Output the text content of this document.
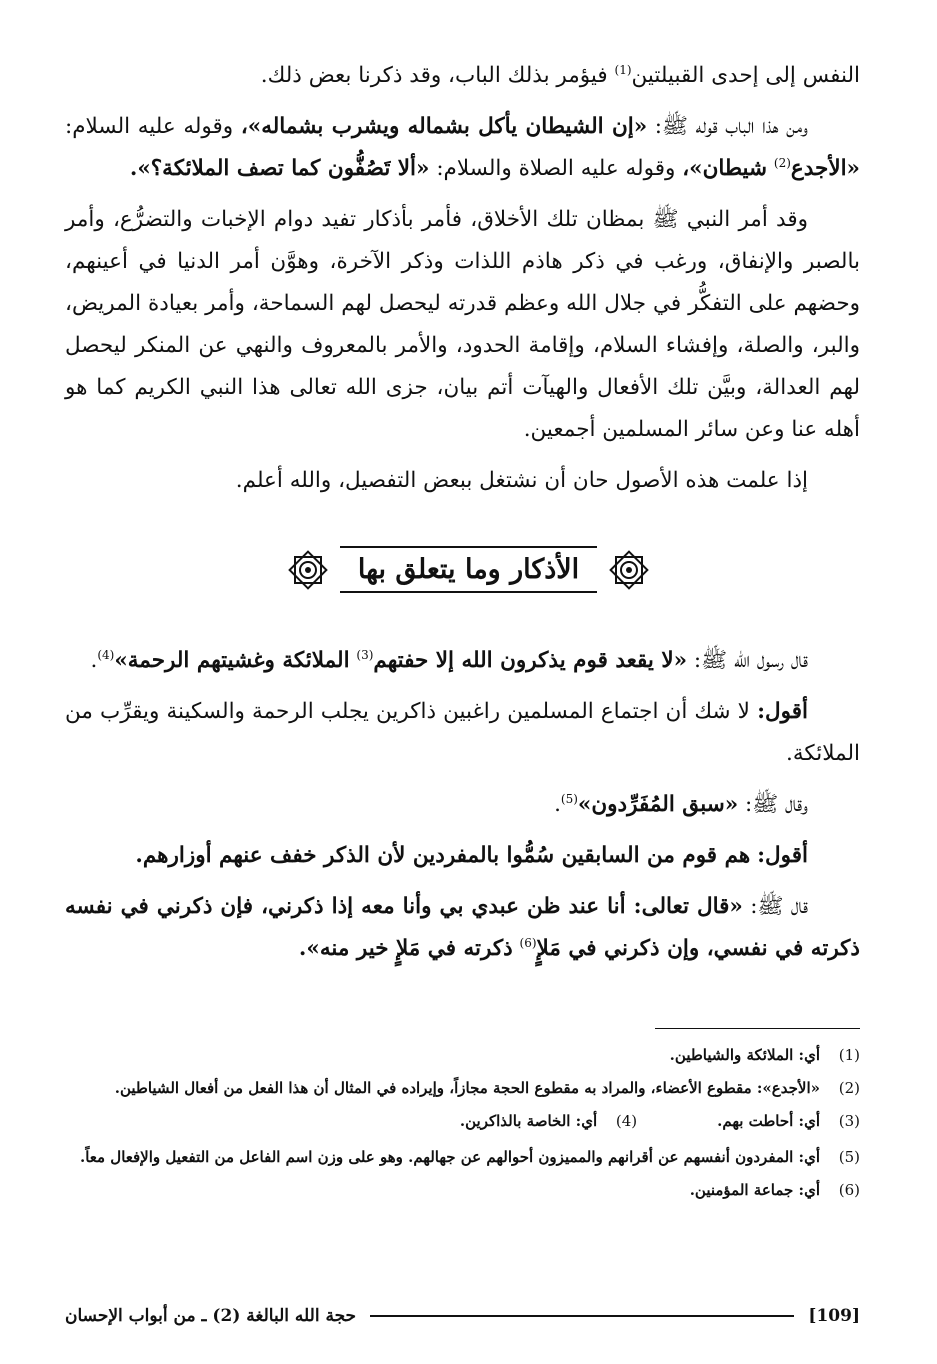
النفس إلى إحدى القبيلتين$^{(1)}$ فيؤمر بذلك الباب، وقد ذكرنا بعض ذلك.

ومن هذا الباب قوله ﷺ: «إن الشيطان يأكل بشماله ويشرب بشماله»، وقوله عليه السلام: «الأجدع$^{(2)}$ شيطان»، وقوله عليه الصلاة والسلام: «ألا تَصُفُّون كما تصف الملائكة؟».

وقد أمر النبي ﷺ بمظان تلك الأخلاق، فأمر بأذكار تفيد دوام الإخبات والتضرُّع، وأمر بالصبر والإنفاق، ورغب في ذكر هاذم اللذات وذكر الآخرة، وهوَّن أمر الدنيا في أعينهم، وحضهم على التفكُّر في جلال الله وعظم قدرته ليحصل لهم السماحة، وأمر بعيادة المريض، والبر، والصلة، وإفشاء السلام، وإقامة الحدود، والأمر بالمعروف والنهي عن المنكر ليحصل لهم العدالة، وبيَّن تلك الأفعال والهيآت أتم بيان، جزى الله تعالى هذا النبي الكريم كما هو أهله عنا وعن سائر المسلمين أجمعين.

إذا علمت هذه الأصول حان أن نشتغل ببعض التفصيل، والله أعلم.

الأذكار وما يتعلق بها

قال رسول الله ﷺ: «لا يقعد قوم يذكرون الله إلا حفتهم$^{(3)}$ الملائكة وغشيتهم الرحمة»$^{(4)}$.

أقول: لا شك أن اجتماع المسلمين راغبين ذاكرين يجلب الرحمة والسكينة ويقرِّب من الملائكة.

وقال ﷺ: «سبق المُفَرِّدون»$^{(5)}$.

أقول: هم قوم من السابقين سُمُّوا بالمفردين لأن الذكر خفف عنهم أوزارهم.

قال ﷺ: «قال تعالى: أنا عند ظن عبدي بي وأنا معه إذا ذكرني، فإن ذكرني في نفسه ذكرته في نفسي، وإن ذكرني في مَلإٍ$^{(6)}$ ذكرته في مَلإٍ خير منه».

(1)
أي: الملائكة والشياطين.
(2)
«الأجدع»: مقطوع الأعضاء، والمراد به مقطوع الحجة مجازاً، وإيراده في المثال أن هذا الفعل من أفعال الشياطين.
(3)
أي: أحاطت بهم.
(4)
أي: الخاصة بالذاكرين.
(5)
أي: المفردون أنفسهم عن أقرانهم والمميزون أحوالهم عن جهالهم. وهو على وزن اسم الفاعل من التفعيل والإفعال معاً.
(6)
أي: جماعة المؤمنين.
[109]
حجة الله البالغة (2) ـ من أبواب الإحسان
